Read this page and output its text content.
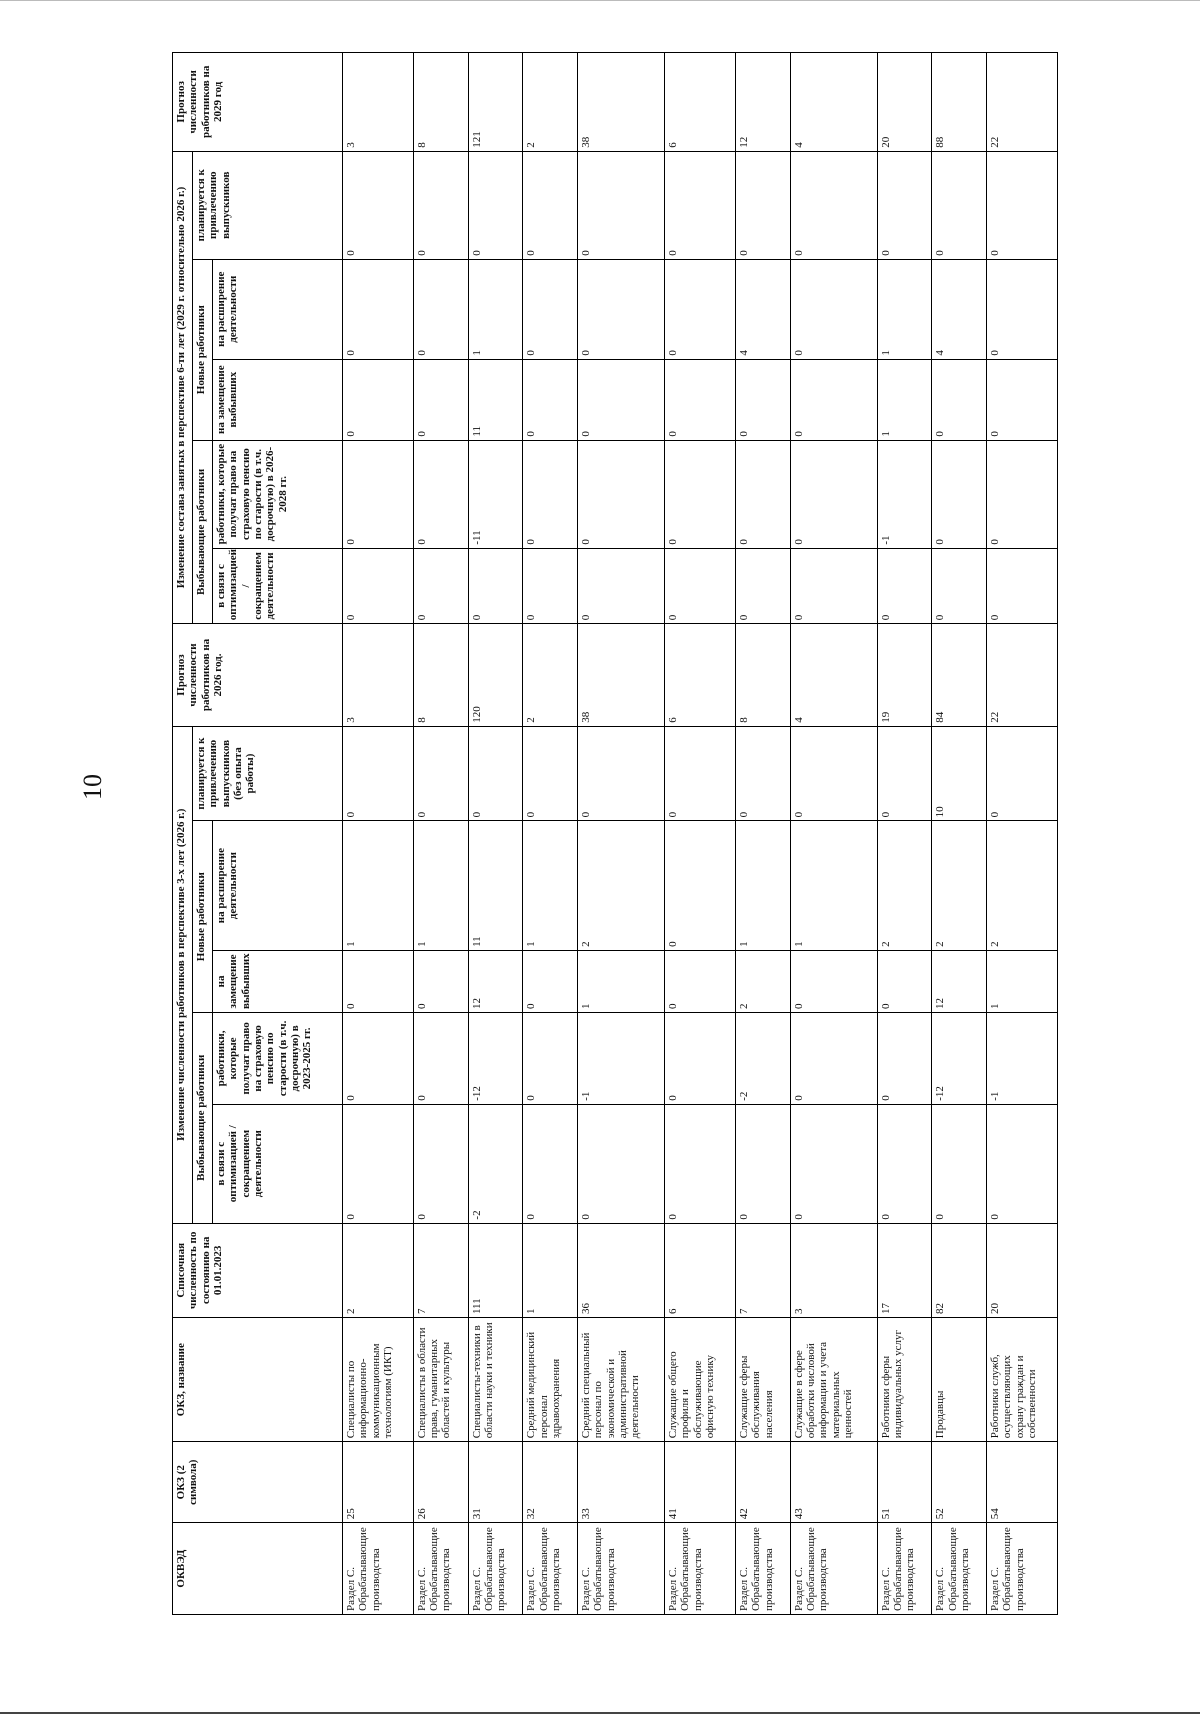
10
ОКВЭД	ОКЗ (2 символа)	ОКЗ, название	Списочная численность по состоянию на 01.01.2023	Изменение численности работников в перспективе 3-х лет (2026 г.)					Прогноз численности работников на 2026 год.	Изменение состава занятых в перспективе 6-ти лет (2029 г. относительно 2026 г.)					Прогноз численности работников на 2029 год
				Выбывающие работники		Новые работники		планируется к привлечению выпускников (без опыта работы)		Выбывающие работники		Новые работники		планируется к привлечению выпускников	
				в связи с оптимизацией / сокращением деятельности	работники, которые получат право на страховую пенсию по старости (в т.ч. досрочную) в 2023-2025 гг.	на замещение выбывших	на расширение деятельности			в связи с оптимизацией / сокращением деятельности	работники, которые получат право на страховую пенсию по старости (в т.ч. досрочную) в 2026-2028 гг.	на замещение выбывших	на расширение деятельности		
Раздел С. Обрабатывающие производства	25	Специалисты по информационно-коммуникационным технологиям (ИКТ)	2	0	0	0	1	0	3	0	0	0	0	0	3
Раздел С. Обрабатывающие производства	26	Специалисты в области права, гуманитарных областей и культуры	7	0	0	0	1	0	8	0	0	0	0	0	8
Раздел С. Обрабатывающие производства	31	Специалисты-техники в области науки и техники	111	-2	-12	12	11	0	120	0	-11	11	1	0	121
Раздел С. Обрабатывающие производства	32	Средний медицинский персонал здравоохранения	1	0	0	0	1	0	2	0	0	0	0	0	2
Раздел С. Обрабатывающие производства	33	Средний специальный персонал по экономической и административной деятельности	36	0	-1	1	2	0	38	0	0	0	0	0	38
Раздел С. Обрабатывающие производства	41	Служащие общего профиля и обслуживающие офисную технику	6	0	0	0	0	0	6	0	0	0	0	0	6
Раздел С. Обрабатывающие производства	42	Служащие сферы обслуживания населения	7	0	-2	2	1	0	8	0	0	0	4	0	12
Раздел С. Обрабатывающие производства	43	Служащие в сфере обработки числовой информации и учета материальных ценностей	3	0	0	0	1	0	4	0	0	0	0	0	4
Раздел С. Обрабатывающие производства	51	Работники сферы индивидуальных услуг	17	0	0	0	2	0	19	0	-1	1	1	0	20
Раздел С. Обрабатывающие производства	52	Продавцы	82	0	-12	12	2	10	84	0	0	0	4	0	88
Раздел С. Обрабатывающие производства	54	Работники служб, осуществляющих охрану граждан и собственности	20	0	-1	1	2	0	22	0	0	0	0	0	22
